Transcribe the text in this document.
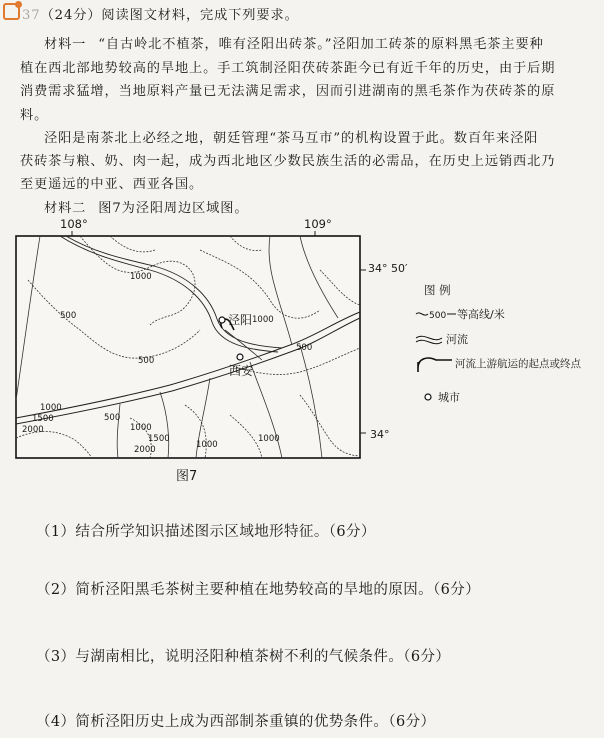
37（24分）阅读图文材料，完成下列要求。
材料一 “自古岭北不植茶，唯有泾阳出砖茶。”泾阳加工砖茶的原料黑毛茶主要种
植在西北部地势较高的旱地上。手工筑制泾阳茯砖茶距今已有近千年的历史，由于后期
消费需求猛增，当地原料产量已无法满足需求，因而引进湖南的黑毛茶作为茯砖茶的原
料。
泾阳是南茶北上必经之地，朝廷管理“茶马互市”的机构设置于此。数百年来泾阳
茯砖茶与粮、奶、肉一起，成为西北地区少数民族生活的必需品，在历史上远销西北乃
至更遥远的中亚、西亚各国。
材料二 图7为泾阳周边区域图。
108°	109°
34° 50′
34°
1000
500
500
1000
500
1000
1500
2000
500
1000
1500
2000	1000
1000
泾阳
西安
图7
图 例
500 等高线/米
河流
河流上游航运的起点或终点
城市
（1）结合所学知识描述图示区域地形特征。（6分）
（2）简析泾阳黑毛茶树主要种植在地势较高的旱地的原因。（6分）
（3）与湖南相比，说明泾阳种植茶树不利的气候条件。（6分）
（4）简析泾阳历史上成为西部制茶重镇的优势条件。（6分）
